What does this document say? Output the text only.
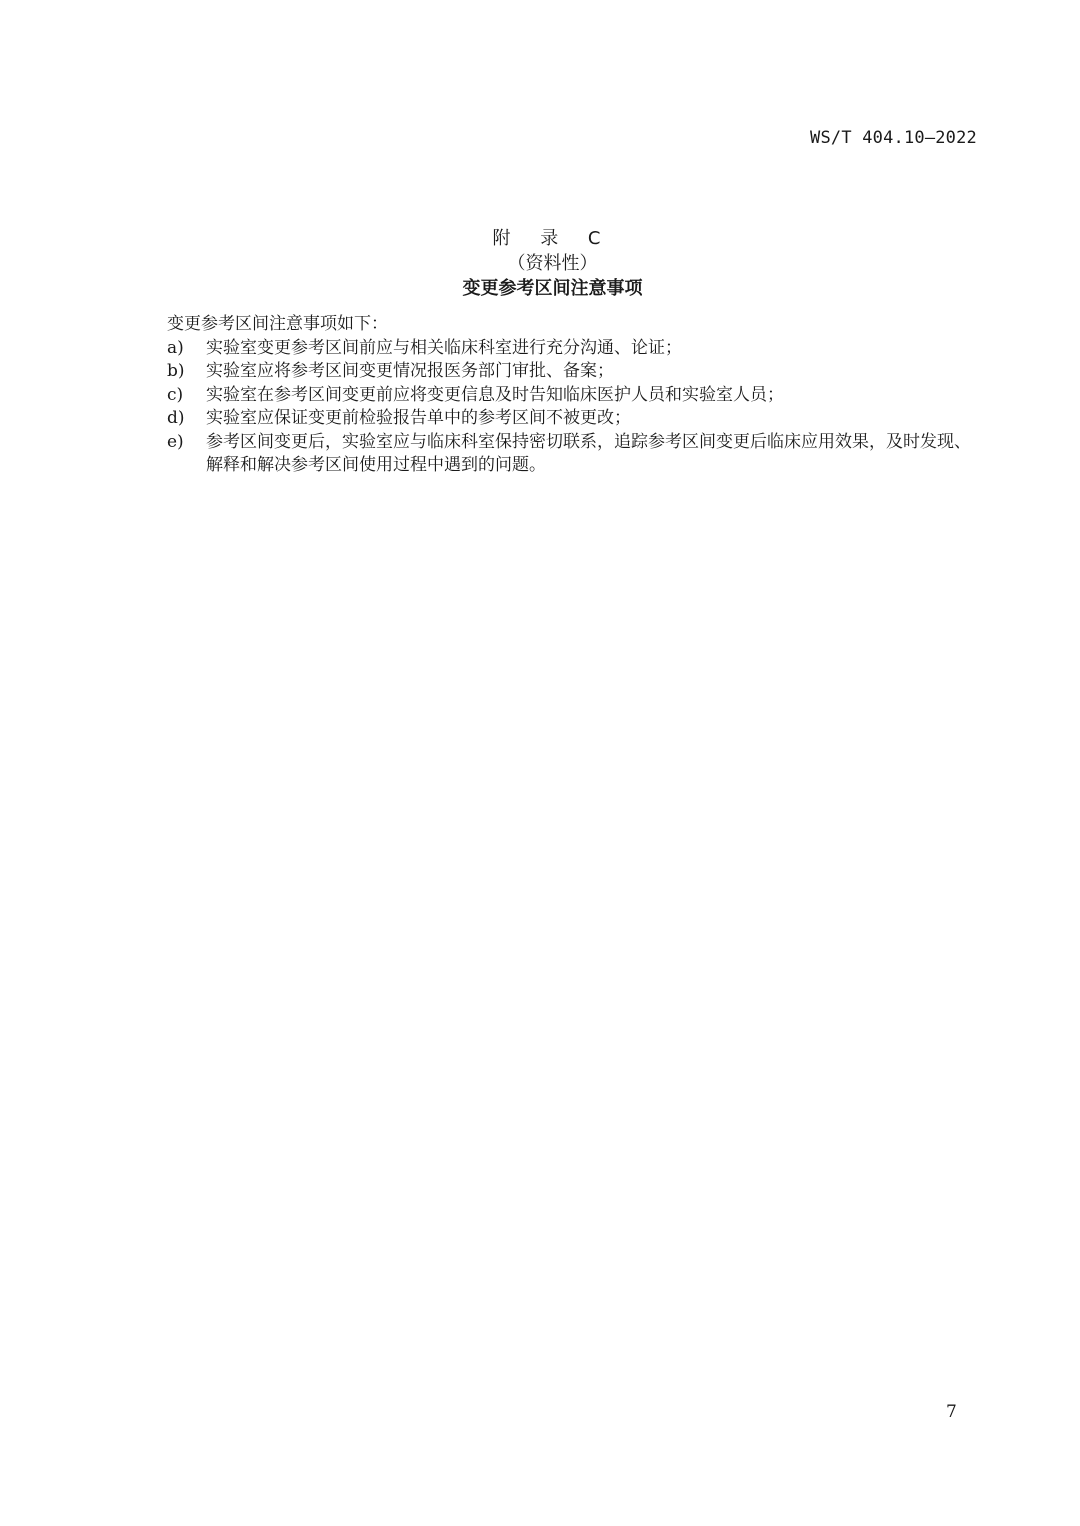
WS/T 404.10—2022
附 录 C
（资料性）
变更参考区间注意事项

变更参考区间注意事项如下：

a)	实验室变更参考区间前应与相关临床科室进行充分沟通、论证；
b)	实验室应将参考区间变更情况报医务部门审批、备案；
c)	实验室在参考区间变更前应将变更信息及时告知临床医护人员和实验室人员；
d)	实验室应保证变更前检验报告单中的参考区间不被更改；
e)	参考区间变更后，实验室应与临床科室保持密切联系，追踪参考区间变更后临床应用效果，及时发现、解释和解决参考区间使用过程中遇到的问题。
7
